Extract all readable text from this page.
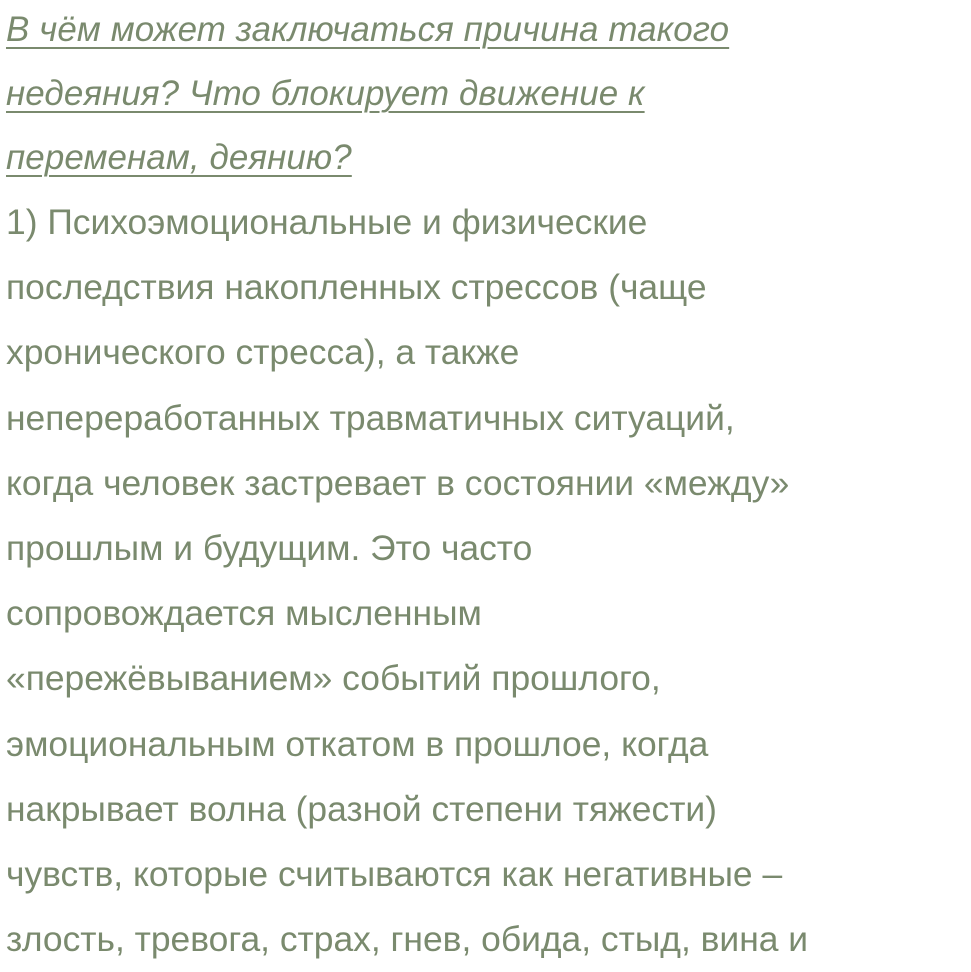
В чём может заключаться причина такого
недеяния? Что блокирует движение к
переменам, деянию?

1) Психоэмоциональные и физические
последствия накопленных стрессов (чаще
хронического стресса), а также
непереработанных травматичных ситуаций,
когда человек застревает в состоянии «между»
прошлым и будущим. Это часто
сопровождается мысленным
«пережёвыванием» событий прошлого,
эмоциональным откатом в прошлое, когда
накрывает волна (разной степени тяжести)
чувств, которые считываются как негативные –
злость, тревога, страх, гнев, обида, стыд, вина и
